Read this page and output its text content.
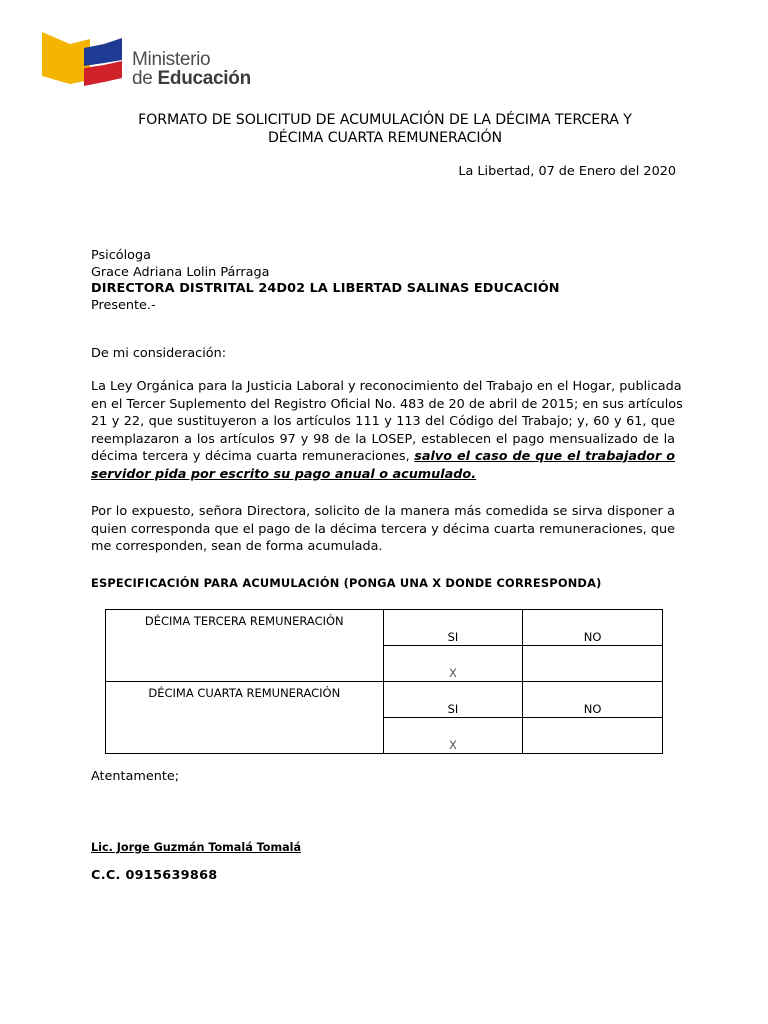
Ministerio
de Educación
FORMATO DE SOLICITUD DE ACUMULACIÓN DE LA DÉCIMA TERCERA Y
DÉCIMA CUARTA REMUNERACIÓN
La Libertad, 07 de Enero del 2020
Psicóloga
Grace Adriana Lolin Párraga
DIRECTORA DISTRITAL 24D02 LA LIBERTAD SALINAS EDUCACIÓN
Presente.-
De mi consideración:
La Ley Orgánica para la Justicia Laboral y reconocimiento del Trabajo en el Hogar, publicada
en el Tercer Suplemento del Registro Oficial No. 483 de 20 de abril de 2015; en sus artículos
21 y 22, que sustituyeron a los artículos 111 y 113 del Código del Trabajo; y, 60 y 61, que
reemplazaron a los artículos 97 y 98 de la LOSEP, establecen el pago mensualizado de la
décima tercera y décima cuarta remuneraciones, salvo el caso de que el trabajador o
servidor pida por escrito su pago anual o acumulado.
Por lo expuesto, señora Directora, solicito de la manera más comedida se sirva disponer a
quien corresponda que el pago de la décima tercera y décima cuarta remuneraciones, que
me corresponden, sean de forma acumulada.
ESPECIFICACIÓN PARA ACUMULACIÓN (PONGA UNA X DONDE CORRESPONDA)
DÉCIMA TERCERA REMUNERACIÓN	SI	NO
	X	
DÉCIMA CUARTA REMUNERACIÓN	SI	NO
	X	
Atentamente;
Lic. Jorge Guzmán Tomalá Tomalá
C.C. 0915639868
